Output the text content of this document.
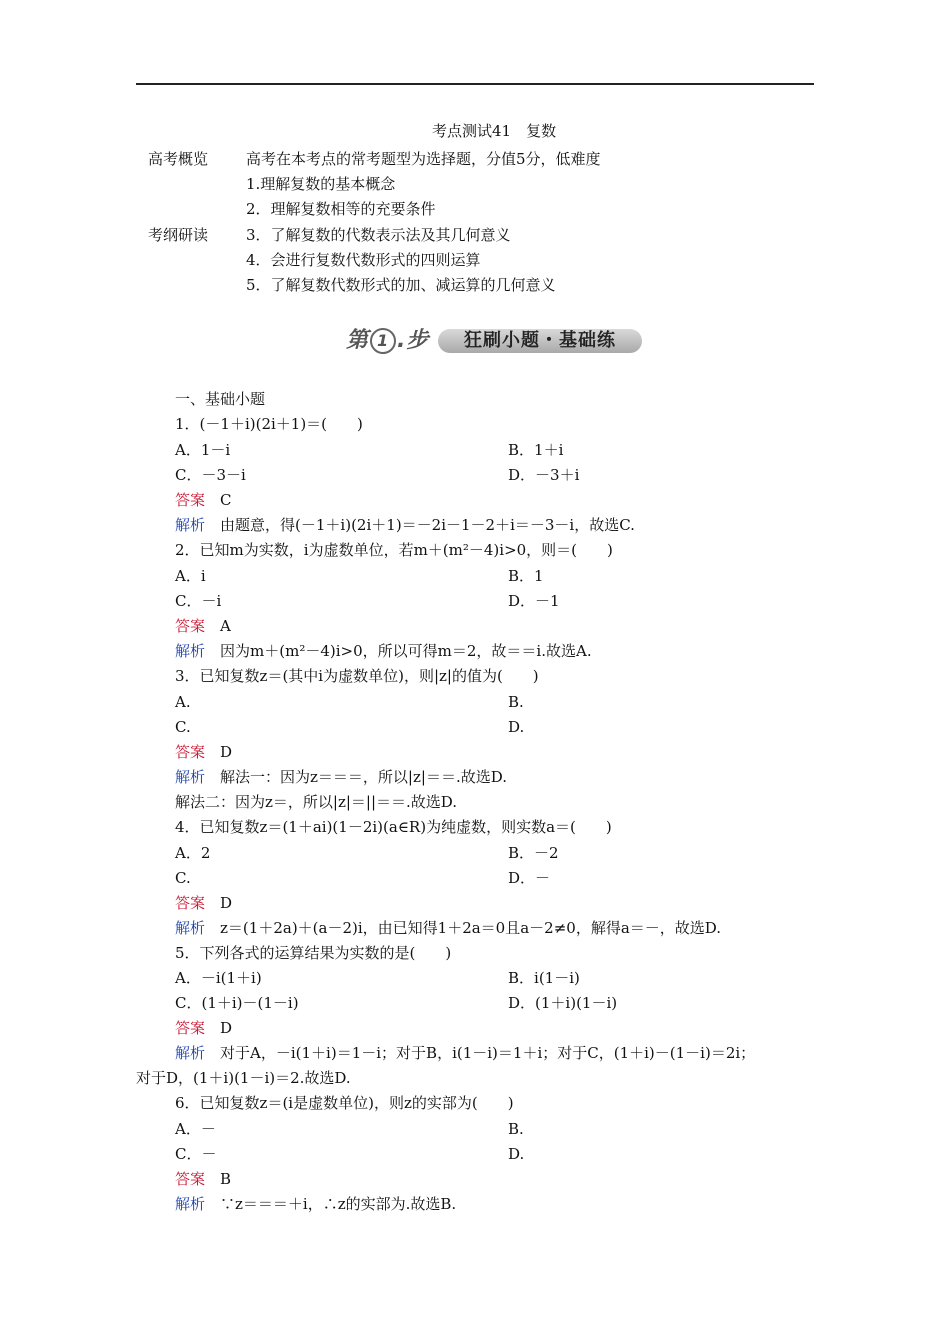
考点测试41　复数
高考概览	高考在本考点的常考题型为选择题，分值5分，低难度
1.理解复数的基本概念
2．理解复数相等的充要条件
考纲研读	3．了解复数的代数表示法及其几何意义
4．会进行复数代数形式的四则运算
5．了解复数代数形式的加、减运算的几何意义
第 1 .步	狂刷小题・基础练
一、基础小题
1．(－1＋i)(2i＋1)＝(　　)
A．1－i	B．1＋i
C．－3－i	D．－3＋i
答案　 C
解析　 由题意，得(－1＋i)(2i＋1)＝－2i－1－2＋i＝－3－i，故选C.
2．已知m为实数，i为虚数单位，若m＋(m²－4)i>0，则＝(　　)
A．i	B．1
C．－i	D．－1
答案　 A
解析　 因为m＋(m²－4)i>0，所以可得m＝2，故＝＝i.故选A.
3．已知复数z＝(其中i为虚数单位)，则|z|的值为(　　)
A.	B.
C.	D.
答案　 D
解析　 解法一：因为z＝＝＝，所以|z|＝＝.故选D.
解法二：因为z＝，所以|z|＝||＝＝.故选D.
4．已知复数z＝(1＋ai)(1－2i)(a∈R)为纯虚数，则实数a＝(　　)
A．2	B．－2
C.	D．－
答案　 D
解析　 z＝(1＋2a)＋(a－2)i，由已知得1＋2a＝0且a－2≠0，解得a＝－，故选D.
5．下列各式的运算结果为实数的是(　　)
A．－i(1＋i)	B．i(1－i)
C．(1＋i)－(1－i)	D．(1＋i)(1－i)
答案　 D
解析　 对于A，－i(1＋i)＝1－i；对于B，i(1－i)＝1＋i；对于C，(1＋i)－(1－i)＝2i；
对于D，(1＋i)(1－i)＝2.故选D.
6．已知复数z＝(i是虚数单位)，则z的实部为(　　)
A．－	B.
C．－	D.
答案　 B
解析　 ∵z＝＝＝＋i，∴z的实部为.故选B.
